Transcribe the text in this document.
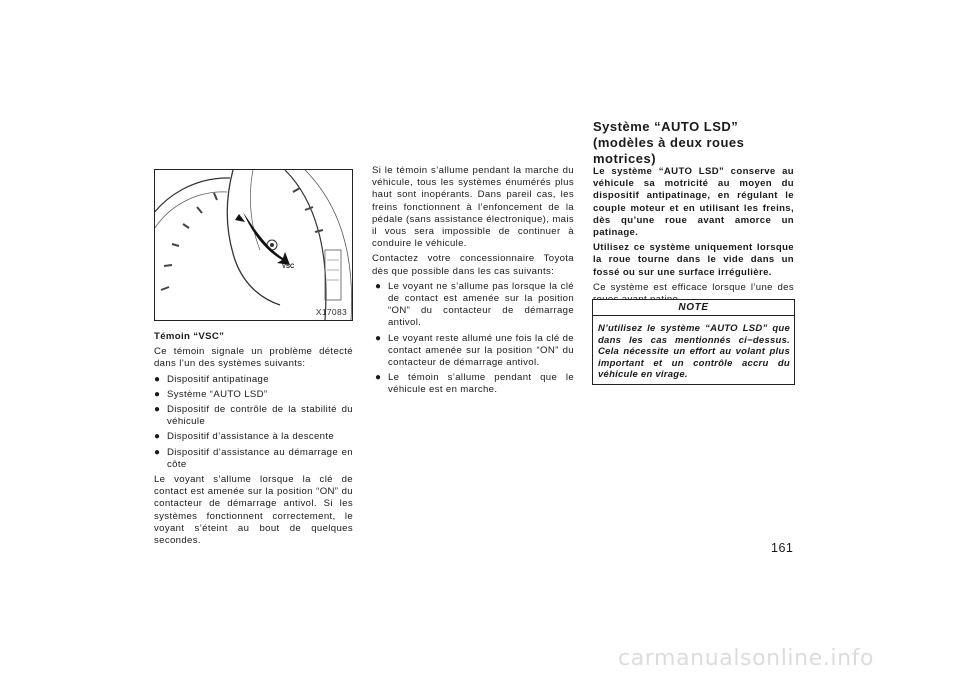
VSC
X17083

Témoin “VSC”

Ce témoin signale un problème détecté dans l’un des systèmes suivants:

● Dispositif antipatinage
● Système “AUTO LSD”
● Dispositif de contrôle de la stabilité du véhicule
● Dispositif d’assistance à la descente
● Dispositif d’assistance au démarrage en côte

Le voyant s’allume lorsque la clé de contact est amenée sur la position “ON” du contacteur de démarrage antivol. Si les systèmes fonctionnent correctement, le voyant s’éteint au bout de quelques secondes.

Si le témoin s’allume pendant la marche du véhicule, tous les systèmes énumérés plus haut sont inopérants. Dans pareil cas, les freins fonctionnent à l’enfoncement de la pédale (sans assistance électronique), mais il vous sera impossible de continuer à conduire le véhicule.

Contactez votre concessionnaire Toyota dès que possible dans les cas suivants:

● Le voyant ne s’allume pas lorsque la clé de contact est amenée sur la position “ON” du contacteur de démarrage antivol.
● Le voyant reste allumé une fois la clé de contact amenée sur la position “ON” du contacteur de démarrage antivol.
● Le témoin s’allume pendant que le véhicule est en marche.
Système “AUTO LSD” (modèles à deux roues motrices)

Le système “AUTO LSD” conserve au véhicule sa motricité au moyen du dispositif antipatinage, en régulant le couple moteur et en utilisant les freins, dès qu’une roue avant amorce un patinage.

Utilisez ce système uniquement lorsque la roue tourne dans le vide dans un fossé ou sur une surface irrégulière.

Ce système est efficace lorsque l’une des

NOTE
N’utilisez le système “AUTO LSD” que dans les cas mentionnés ci−dessus. Cela nécessite un effort au volant plus important et un contrôle accru du véhicule en virage.
161
carmanualsonline.info
